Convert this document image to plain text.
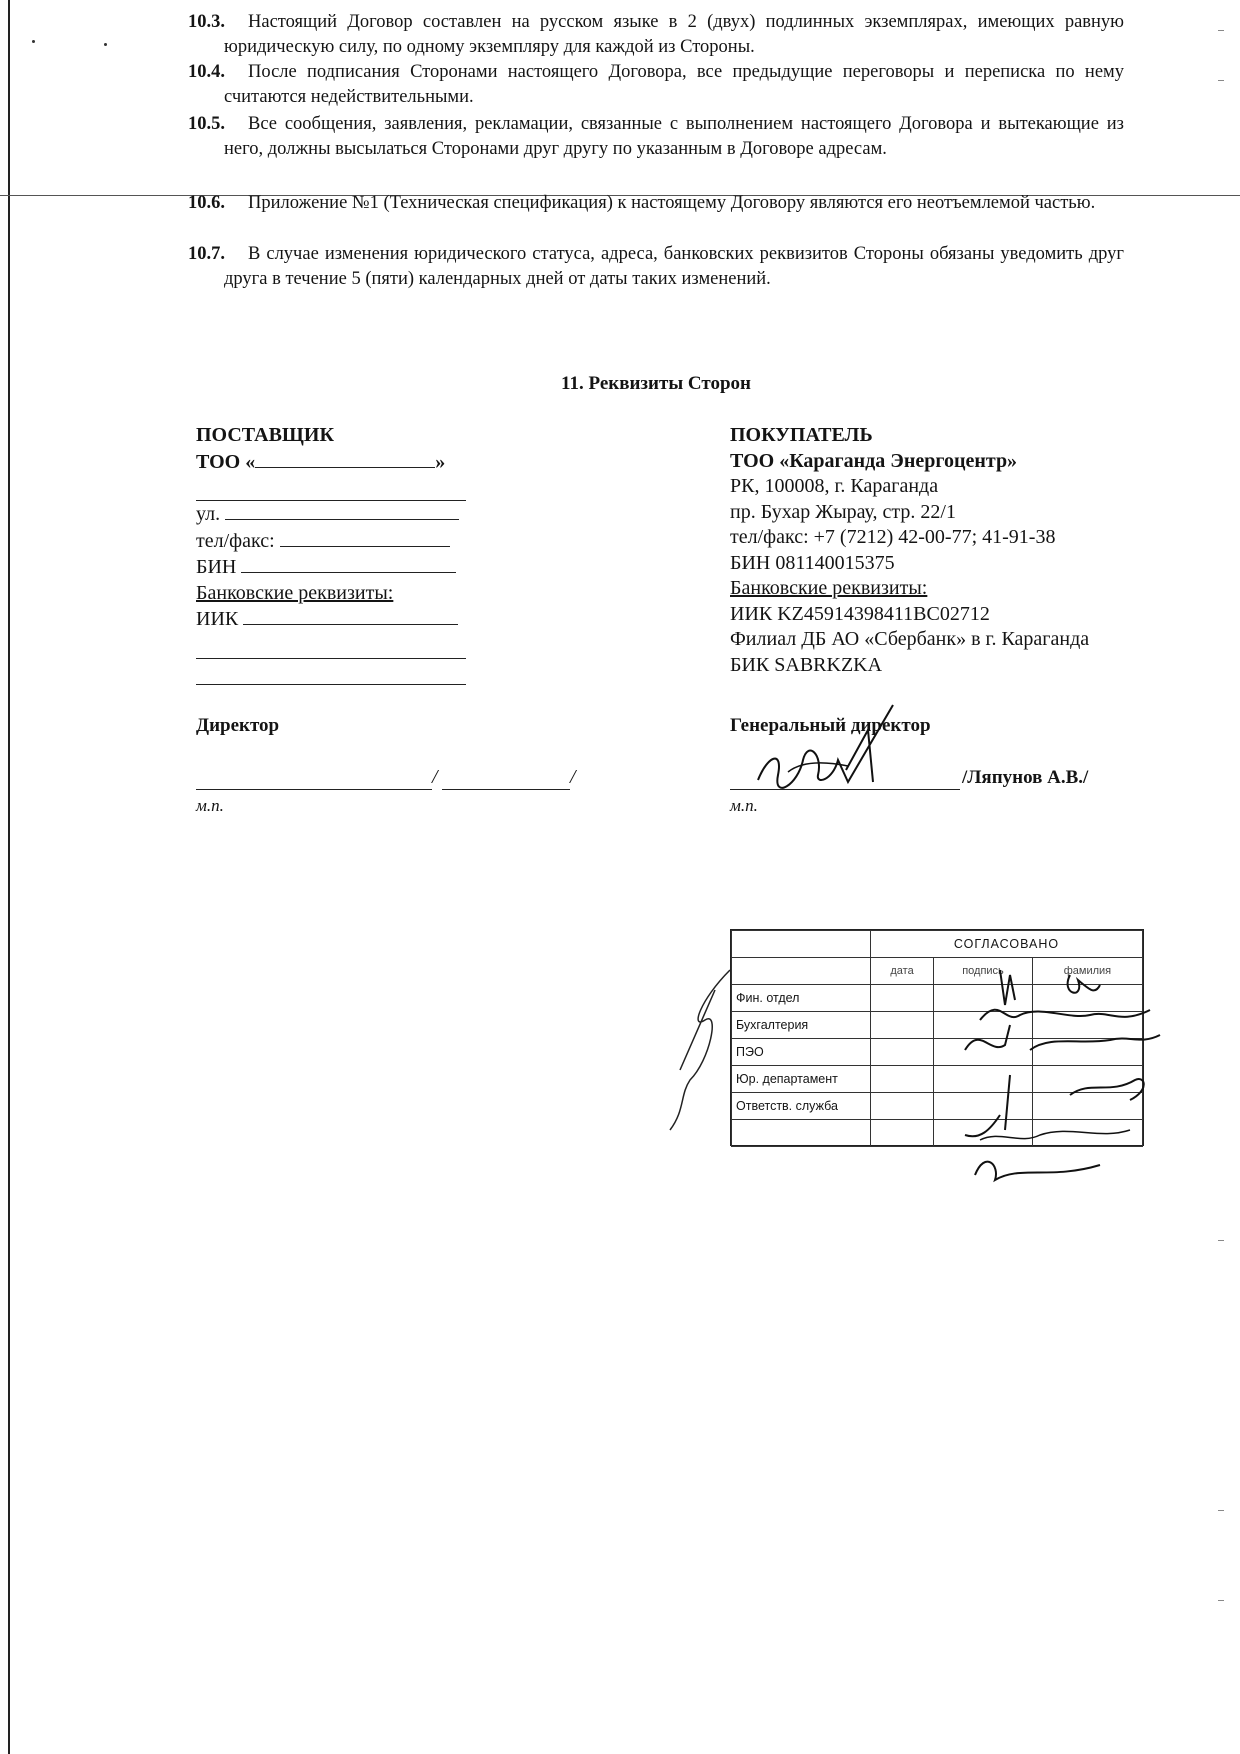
10.3.	Настоящий Договор составлен на русском языке в 2 (двух) подлинных экземплярах, имеющих равную юридическую силу, по одному экземпляру для каждой из Стороны.
10.4.	После подписания Сторонами настоящего Договора, все предыдущие переговоры и переписка по нему считаются недействительными.
10.5.	Все сообщения, заявления, рекламации, связанные с выполнением настоящего Договора и вытекающие из него, должны высылаться Сторонами друг другу по указанным в Договоре адресам.
10.6.	Приложение №1 (Техническая спецификация) к настоящему Договору являются его неотъемлемой частью.
10.7.	В случае изменения юридического статуса, адреса, банковских реквизитов Стороны обязаны уведомить друг друга в течение 5 (пяти) календарных дней от даты таких изменений.
11. Реквизиты Сторон
ПОСТАВЩИК
ТОО «	»
ул.
тел/факс:
БИН
Банковские реквизиты:
ИИК
ПОКУПАТЕЛЬ
ТОО «Караганда Энергоцентр»
РК, 100008, г. Караганда
пр. Бухар Жырау, стр. 22/1
тел/факс: +7 (7212) 42-00-77; 41-91-38
БИН 081140015375
Банковские реквизиты:
ИИК KZ45914398411BC02712
Филиал ДБ АО «Сбербанк» в г. Караганда
БИК SABRKZKA
Директор	Генеральный директор
/	/
м.п.
/Ляпунов А.В./
м.п.
	СОГЛАСОВАНО		
	дата	подпись	фамилия
Фин. отдел			
Бухгалтерия			
ПЭО			
Юр. департамент			
Ответств. служба			
